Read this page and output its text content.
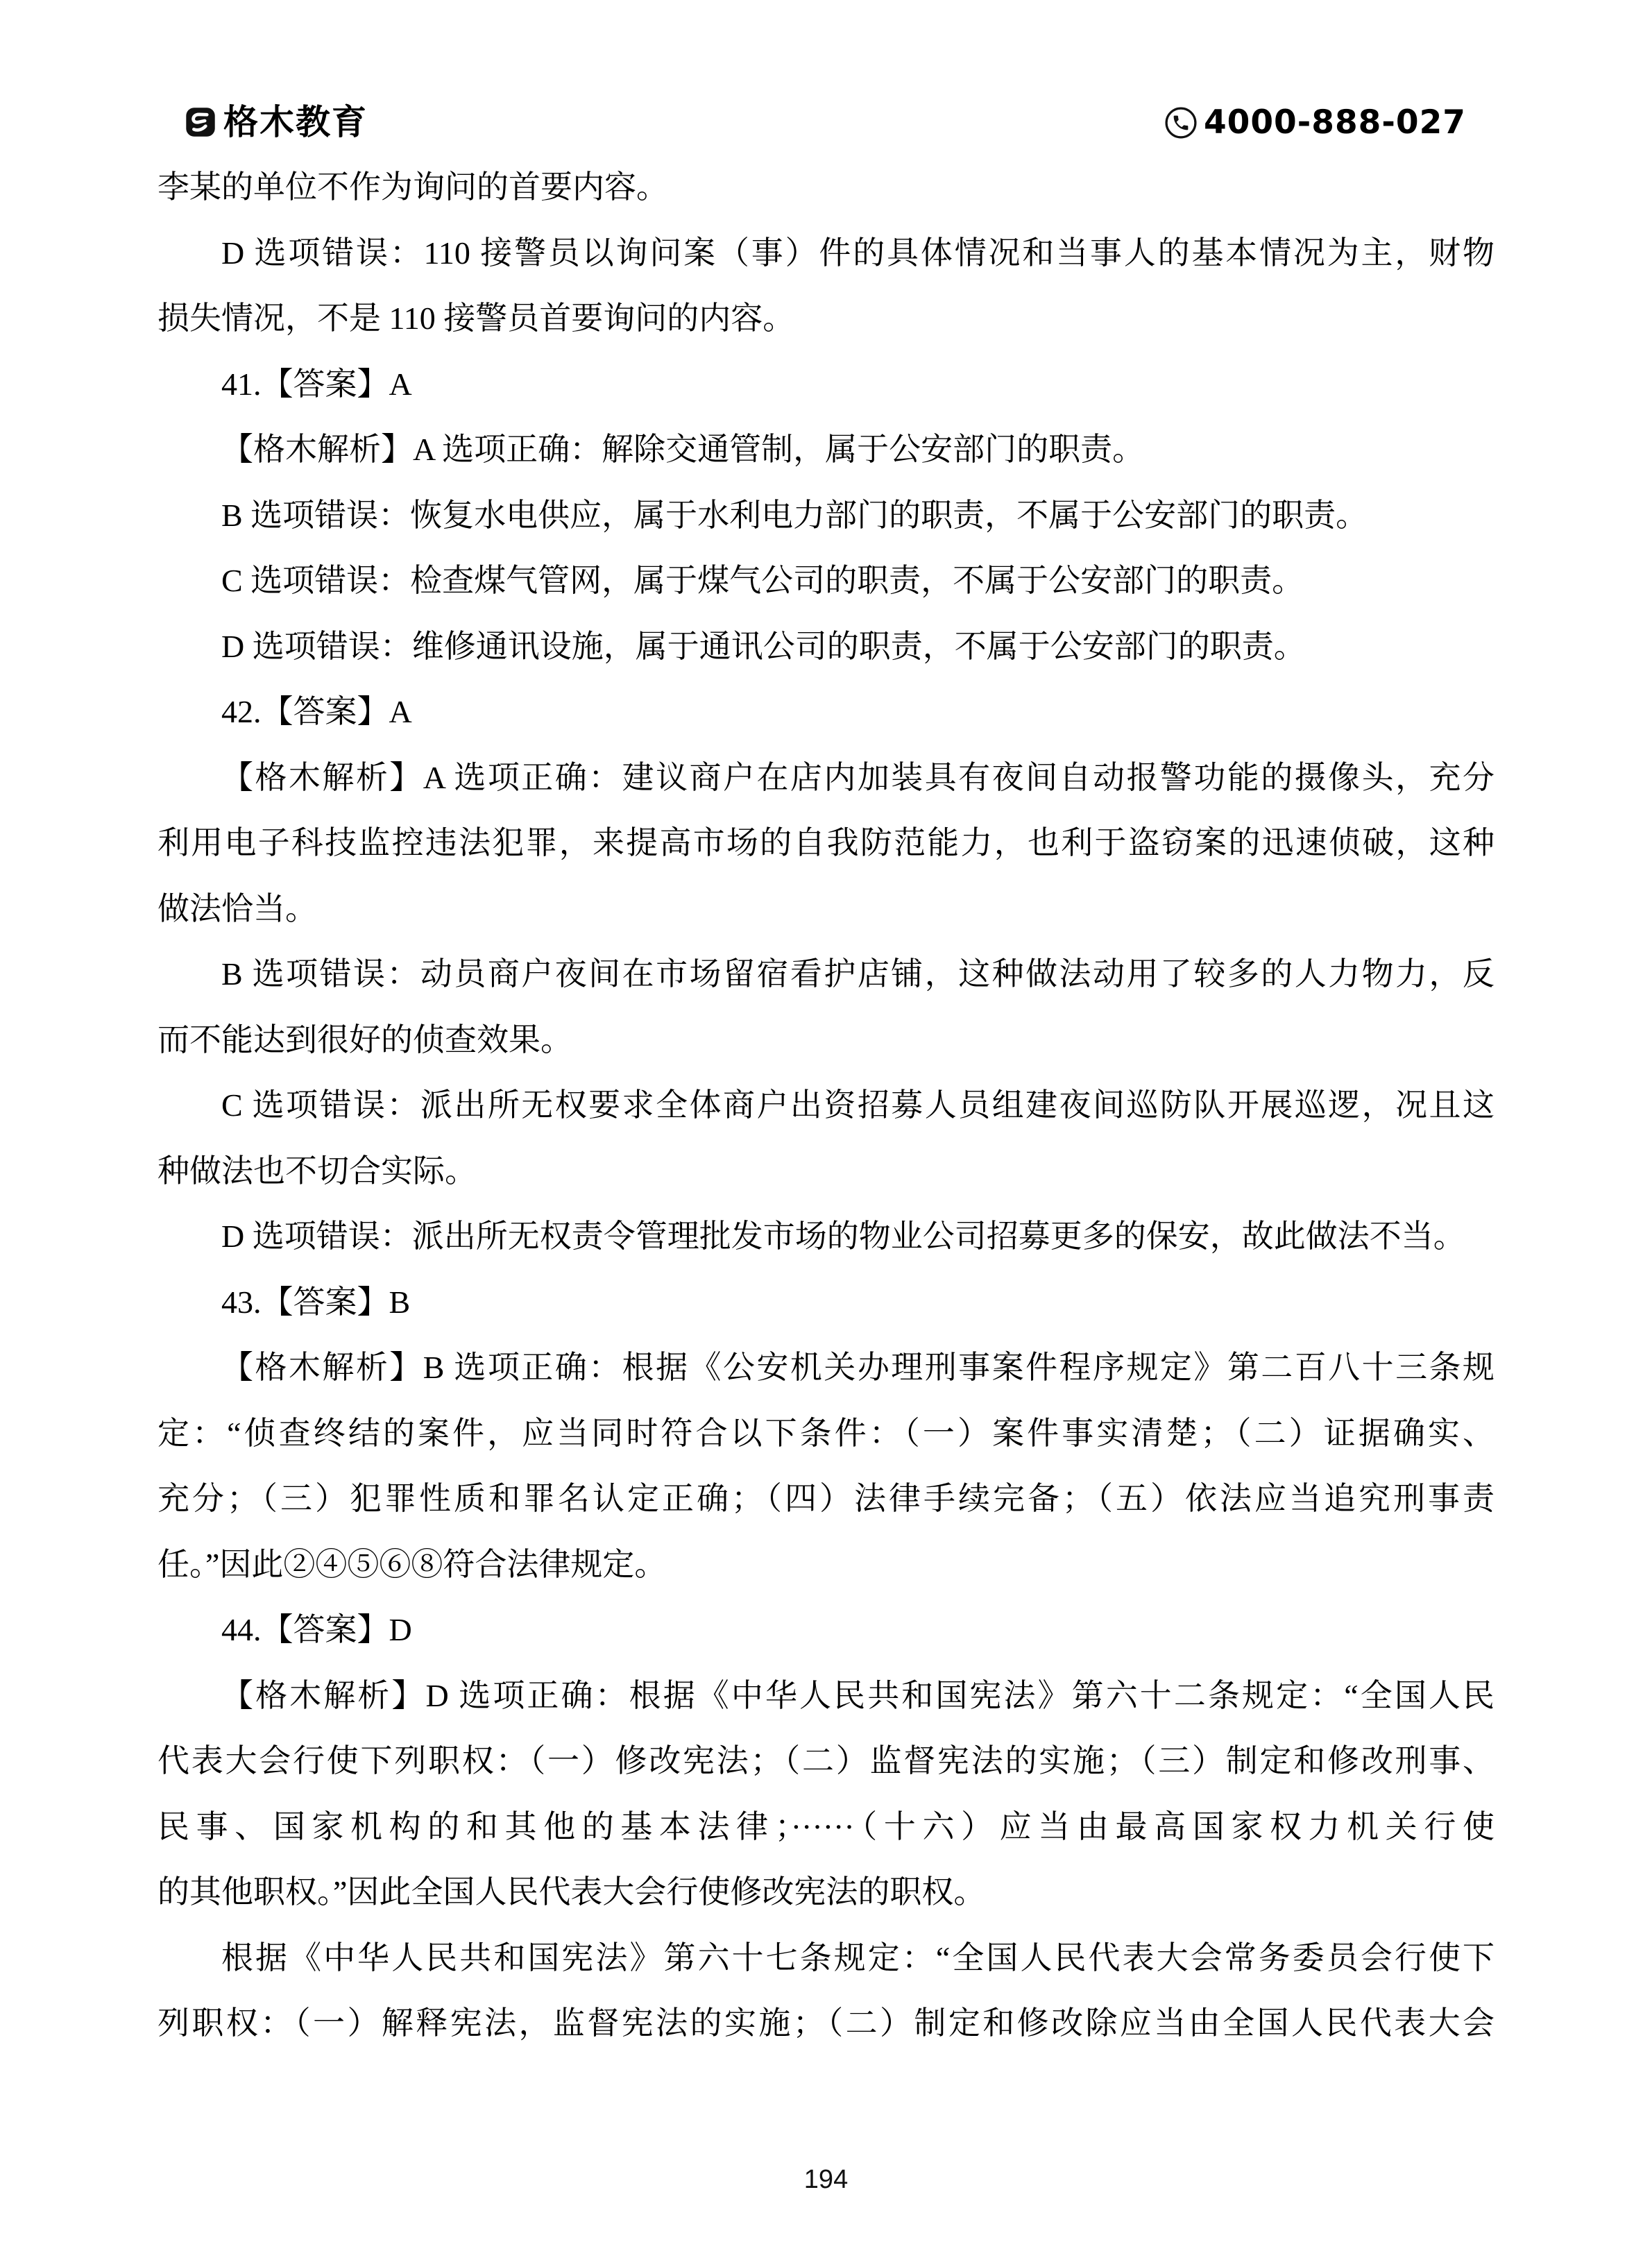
格木教育	4000-888-027
李某的单位不作为询问的首要内容。
D 选项错误：110 接警员以询问案（事）件的具体情况和当事人的基本情况为主，财物
损失情况，不是 110 接警员首要询问的内容。
41.【答案】A
【格木解析】A 选项正确：解除交通管制，属于公安部门的职责。
B 选项错误：恢复水电供应，属于水利电力部门的职责，不属于公安部门的职责。
C 选项错误：检查煤气管网，属于煤气公司的职责，不属于公安部门的职责。
D 选项错误：维修通讯设施，属于通讯公司的职责，不属于公安部门的职责。
42.【答案】A
【格木解析】A 选项正确：建议商户在店内加装具有夜间自动报警功能的摄像头，充分
利用电子科技监控违法犯罪，来提高市场的自我防范能力，也利于盗窃案的迅速侦破，这种
做法恰当。
B 选项错误：动员商户夜间在市场留宿看护店铺，这种做法动用了较多的人力物力，反
而不能达到很好的侦查效果。
C 选项错误：派出所无权要求全体商户出资招募人员组建夜间巡防队开展巡逻，况且这
种做法也不切合实际。
D 选项错误：派出所无权责令管理批发市场的物业公司招募更多的保安，故此做法不当。
43.【答案】B
【格木解析】B 选项正确：根据《公安机关办理刑事案件程序规定》第二百八十三条规
定：“侦查终结的案件，应当同时符合以下条件：（一）案件事实清楚；（二）证据确实、
充分；（三）犯罪性质和罪名认定正确；（四）法律手续完备；（五）依法应当追究刑事责
任。”因此②④⑤⑥⑧符合法律规定。
44.【答案】D
【格木解析】D 选项正确：根据《中华人民共和国宪法》第六十二条规定：“全国人民
代表大会行使下列职权：（一）修改宪法；（二）监督宪法的实施；（三）制定和修改刑事、
民事、国家机构的和其他的基本法律；······（十六）应当由最高国家权力机关行使
的其他职权。”因此全国人民代表大会行使修改宪法的职权。
根据《中华人民共和国宪法》第六十七条规定：“全国人民代表大会常务委员会行使下
列职权：（一）解释宪法，监督宪法的实施；（二）制定和修改除应当由全国人民代表大会
194
